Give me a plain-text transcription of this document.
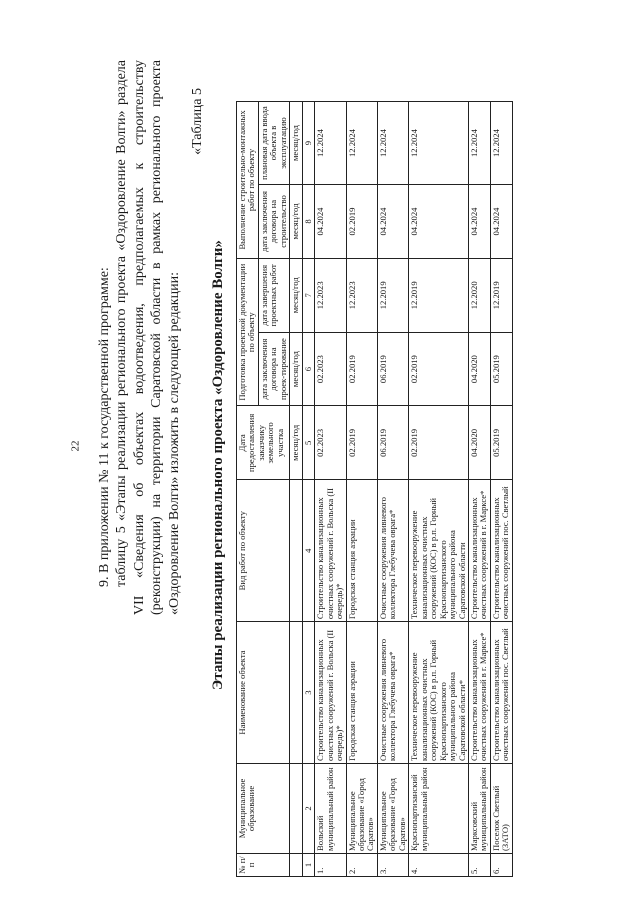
22 9. В приложении № 11 к государственной программе: таблицу 5 «Этапы реализации регионального проекта «Оздоровление Волги» раздела VII «Сведения об объектах водоотведения, предполагаемых к строительству (реконструкции) на территории Саратовской области в рамках регионального проекта «Оздоровление Волги» изложить в следующей редакции:

«Таблица 5
Этапы реализации регионального проекта «Оздоровление Волги»
№ п/п	Муниципальное образование	Наименование объекта	Вид работ по объекту	Дата предоставления заказчику земельного участка	Подготовка проектной документации по объекту		Выполнение строительно-монтажных работ по объекту	
					дата заключения договора на проек-тирование	дата завершения проектных работ	дата заключения договора на строительство	плановая дата ввода объекта в эксплуатацию
				месяц/год	месяц/год	месяц/год	месяц/год	месяц/год
1	2	3	4	5	6	7	8	9
1.	Вольский муниципальный район	Строительство канализационных очистных сооружений г. Вольска (II очередь)*	Строительство канализационных очистных сооружений г. Вольска (II очередь)*	02.2023	02.2023	12.2023	04.2024	12.2024
2.	Муниципальное образование «Город Саратов»	Городская станция аэрации	Городская станция аэрации	02.2019	02.2019	12.2023	02.2019	12.2024
3.	Муниципальное образование «Город Саратов»	Очистные сооружения ливневого коллектора Глебучева оврага*	Очистные сооружения ливневого коллектора Глебучева оврага*	06.2019	06.2019	12.2019	04.2024	12.2024
4.	Краснопартизанский муниципальный район	Техническое перевооружение канализационных очистных сооружений (КОС) в р.п. Горный Краснопартизанского муниципального района Саратовской области*	Техническое перевооружение канализационных очистных сооружений (КОС) в р.п. Горный Краснопартизанского муниципального района Саратовской области	02.2019	02.2019	12.2019	04.2024	12.2024
5.	Марксовский муниципальный район	Строительство канализационных очистных сооружений в г. Марксе*	Строительство канализационных очистных сооружений в г. Марксе*	04.2020	04.2020	12.2020	04.2024	12.2024
6.	Поселок Светлый (ЗАТО)	Строительство канализационных очистных сооружений пос. Светлый	Строительство канализационных очистных сооружений пос. Светлый	05.2019	05.2019	12.2019	04.2024	12.2024
